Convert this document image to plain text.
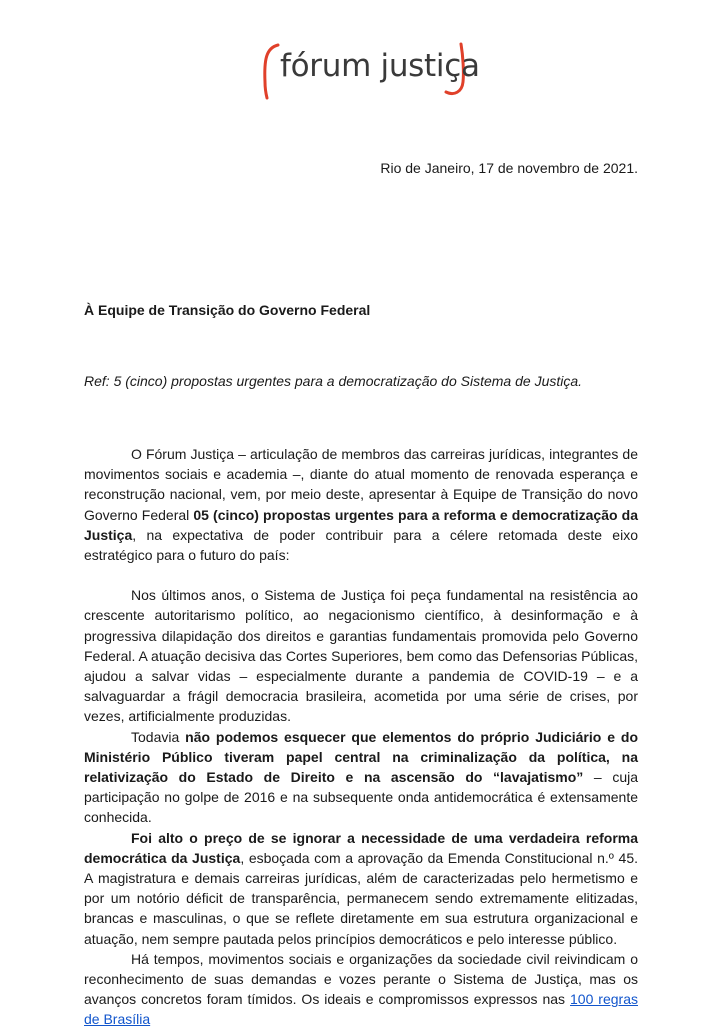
fórum justiça
Rio de Janeiro, 17 de novembro de 2021.
À Equipe de Transição do Governo Federal
Ref: 5 (cinco) propostas urgentes para a democratização do Sistema de Justiça.

O Fórum Justiça – articulação de membros das carreiras jurídicas, integrantes de movimentos sociais e academia –, diante do atual momento de renovada esperança e reconstrução nacional, vem, por meio deste, apresentar à Equipe de Transição do novo Governo Federal 05 (cinco) propostas urgentes para a reforma e democratização da Justiça, na expectativa de poder contribuir para a célere retomada deste eixo estratégico para o futuro do país:

Nos últimos anos, o Sistema de Justiça foi peça fundamental na resistência ao crescente autoritarismo político, ao negacionismo científico, à desinformação e à progressiva dilapidação dos direitos e garantias fundamentais promovida pelo Governo Federal. A atuação decisiva das Cortes Superiores, bem como das Defensorias Públicas, ajudou a salvar vidas – especialmente durante a pandemia de COVID-19 – e a salvaguardar a frágil democracia brasileira, acometida por uma série de crises, por vezes, artificialmente produzidas.

Todavia não podemos esquecer que elementos do próprio Judiciário e do Ministério Público tiveram papel central na criminalização da política, na relativização do Estado de Direito e na ascensão do “lavajatismo” – cuja participação no golpe de 2016 e na subsequente onda antidemocrática é extensamente conhecida.

Foi alto o preço de se ignorar a necessidade de uma verdadeira reforma democrática da Justiça, esboçada com a aprovação da Emenda Constitucional n.º 45. A magistratura e demais carreiras jurídicas, além de caracterizadas pelo hermetismo e por um notório déficit de transparência, permanecem sendo extremamente elitizadas, brancas e masculinas, o que se reflete diretamente em sua estrutura organizacional e atuação, nem sempre pautada pelos princípios democráticos e pelo interesse público.

Há tempos, movimentos sociais e organizações da sociedade civil reivindicam o reconhecimento de suas demandas e vozes perante o Sistema de Justiça, mas os avanços concretos foram tímidos. Os ideais e compromissos expressos nas 100 regras de Brasília
